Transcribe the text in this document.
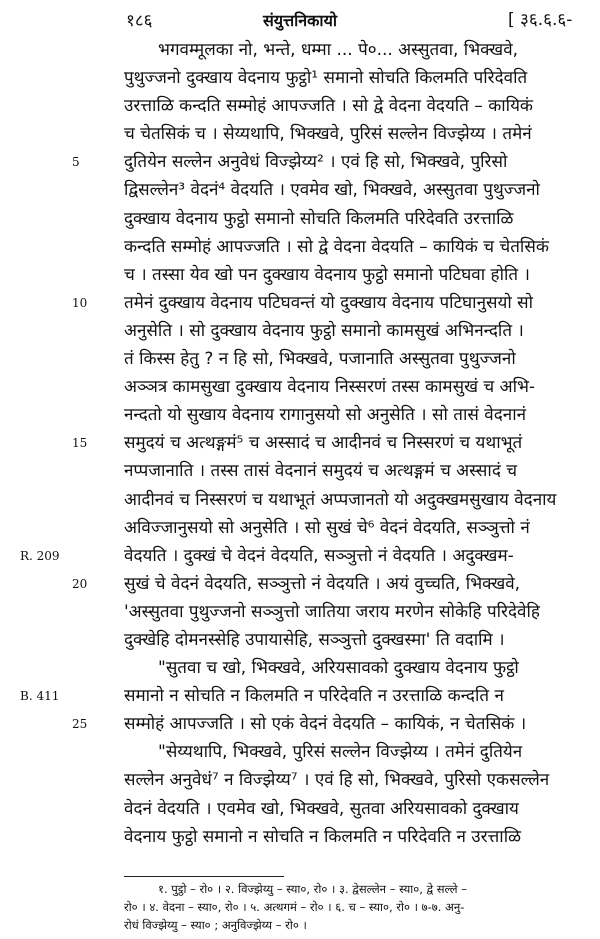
१८६	संयुत्तनिकायो	[ ३६.६.६-
भगवम्मूलका नो, भन्ते, धम्मा ... पे०... अस्सुतवा, भिक्खवे,
पुथुज्जनो दुक्खाय वेदनाय फुट्ठो¹ समानो सोचति किलमति परिदेवति
उरत्ताळि कन्दति सम्मोहं आपज्जति । सो द्वे वेदना वेदयति – कायिकं
च चेतसिकं च । सेय्यथापि, भिक्खवे, पुरिसं सल्लेन विज्झेय्य । तमेनं
दुतियेन सल्लेन अनुवेधं विज्झेय्य² । एवं हि सो, भिक्खवे, पुरिसो
5
द्विसल्लेन³ वेदनं⁴ वेदयति । एवमेव खो, भिक्खवे, अस्सुतवा पुथुज्जनो
दुक्खाय वेदनाय फुट्ठो समानो सोचति किलमति परिदेवति उरत्ताळि
कन्दति सम्मोहं आपज्जति । सो द्वे वेदना वेदयति – कायिकं च चेतसिकं
च । तस्सा येव खो पन दुक्खाय वेदनाय फुट्ठो समानो पटिघवा होति ।
तमेनं दुक्खाय वेदनाय पटिघवन्तं यो दुक्खाय वेदनाय पटिघानुसयो सो
10
अनुसेति । सो दुक्खाय वेदनाय फुट्ठो समानो कामसुखं अभिनन्दति ।
तं किस्स हेतु ? न हि सो, भिक्खवे, पजानाति अस्सुतवा पुथुज्जनो
अञ्ञत्र कामसुखा दुक्खाय वेदनाय निस्सरणं तस्स कामसुखं च अभि-
नन्दतो यो सुखाय वेदनाय रागानुसयो सो अनुसेति । सो तासं वेदनानं
समुदयं च अत्थङ्गमं⁵ च अस्सादं च आदीनवं च निस्सरणं च यथाभूतं
15
नप्पजानाति । तस्स तासं वेदनानं समुदयं च अत्थङ्गमं च अस्सादं च
आदीनवं च निस्सरणं च यथाभूतं अप्पजानतो यो अदुक्खमसुखाय वेदनाय
अविज्जानुसयो सो अनुसेति । सो सुखं चे⁶ वेदनं वेदयति, सञ्ञुत्तो नं
वेदयति । दुक्खं चे वेदनं वेदयति, सञ्ञुत्तो नं वेदयति । अदुक्खम-
R. 209
सुखं चे वेदनं वेदयति, सञ्ञुत्तो नं वेदयति । अयं वुच्चति, भिक्खवे,
20
'अस्सुतवा पुथुज्जनो सञ्ञुत्तो जातिया जराय मरणेन सोकेहि परिदेवेहि
दुक्खेहि दोमनस्सेहि उपायासेहि, सञ्ञुत्तो दुक्खस्मा' ति वदामि ।
"सुतवा च खो, भिक्खवे, अरियसावको दुक्खाय वेदनाय फुट्ठो
समानो न सोचति न किलमति न परिदेवति न उरत्ताळि कन्दति न
B. 411
सम्मोहं आपज्जति । सो एकं वेदनं वेदयति – कायिकं, न चेतसिकं ।
25
"सेय्यथापि, भिक्खवे, पुरिसं सल्लेन विज्झेय्य । तमेनं दुतियेन
सल्लेन अनुवेधं⁷ न विज्झेय्य⁷ । एवं हि सो, भिक्खवे, पुरिसो एकसल्लेन
वेदनं वेदयति । एवमेव खो, भिक्खवे, सुतवा अरियसावको दुक्खाय
वेदनाय फुट्ठो समानो न सोचति न किलमति न परिदेवति न उरत्ताळि
१. पुट्ठो – रो० । २. विज्झेय्यु – स्या०, रो० । ३. द्वेसल्लेन – स्या०, द्वे सल्ले –
रो० । ४. वेदना – स्या०, रो० । ५. अत्थगमं – रो० । ६. च – स्या०, रो० । ७-७. अनु-
रोधं विज्झेय्यु – स्या० ; अनुविज्झेय्य – रो० ।
